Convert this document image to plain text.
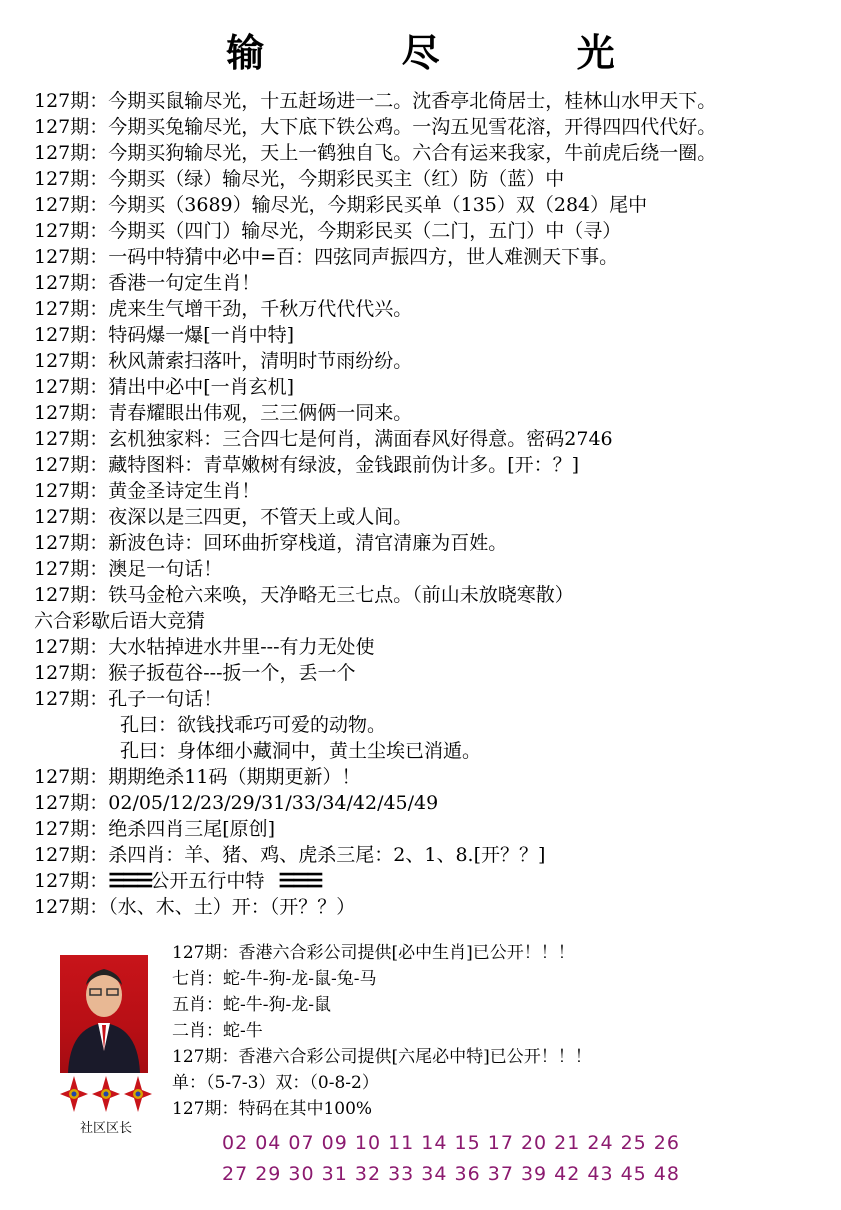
输 尽 光
127期：今期买鼠输尽光，十五赶场进一二。沈香亭北倚居士，桂林山水甲天下。
127期：今期买兔输尽光，大下底下铁公鸡。一沟五见雪花溶，开得四四代代好。
127期：今期买狗输尽光，天上一鹤独自飞。六合有运来我家，牛前虎后绕一圈。
127期：今期买（绿）输尽光，今期彩民买主（红）防（蓝）中
127期：今期买（3689）输尽光，今期彩民买单（135）双（284）尾中
127期：今期买（四门）输尽光，今期彩民买（二门，五门）中（寻）
127期：一码中特猜中必中=百：四弦同声振四方，世人难测天下事。
127期：香港一句定生肖！
127期：虎来生气增干劲，千秋万代代代兴。
127期：特码爆一爆[一肖中特]
127期：秋风萧索扫落叶，清明时节雨纷纷。
127期：猜出中必中[一肖玄机]
127期：青春耀眼出伟观，三三俩俩一同来。
127期：玄机独家料：三合四七是何肖，满面春风好得意。密码2746
127期：藏特图料：青草嫩树有绿波，金钱跟前伪计多。[开：？]
127期：黄金圣诗定生肖！
127期：夜深以是三四更，不管天上或人间。
127期：新波色诗：回环曲折穿栈道，清官清廉为百姓。
127期：澳足一句话！
127期：铁马金枪六来唤，天净略无三七点。（前山未放晓寒散）
六合彩歇后语大竞猜
127期：大水牯掉进水井里---有力无处使
127期：猴子扳苞谷---扳一个，丢一个
127期：孔子一句话！
孔曰：欲钱找乖巧可爱的动物。
孔曰：身体细小藏洞中，黄土尘埃已消遁。
127期：期期绝杀11码（期期更新）！
127期：02/05/12/23/29/31/33/34/42/45/49
127期：绝杀四肖三尾[原创]
127期：杀四肖：羊、猪、鸡、虎杀三尾：2、1、8.[开？？]
127期：☰☰☰公开五行中特 ☰☰☰
127期：（水、木、土）开：（开？？）
社区区长
127期：香港六合彩公司提供[必中生肖]已公开！！！
七肖：蛇-牛-狗-龙-鼠-兔-马
五肖：蛇-牛-狗-龙-鼠
二肖：蛇-牛
127期：香港六合彩公司提供[六尾必中特]已公开！！！
单：（5-7-3）双：（0-8-2）
127期：特码在其中100%
02 04 07 09 10 11 14 15 17 20 21 24 25 26
27 29 30 31 32 33 34 36 37 39 42 43 45 48
